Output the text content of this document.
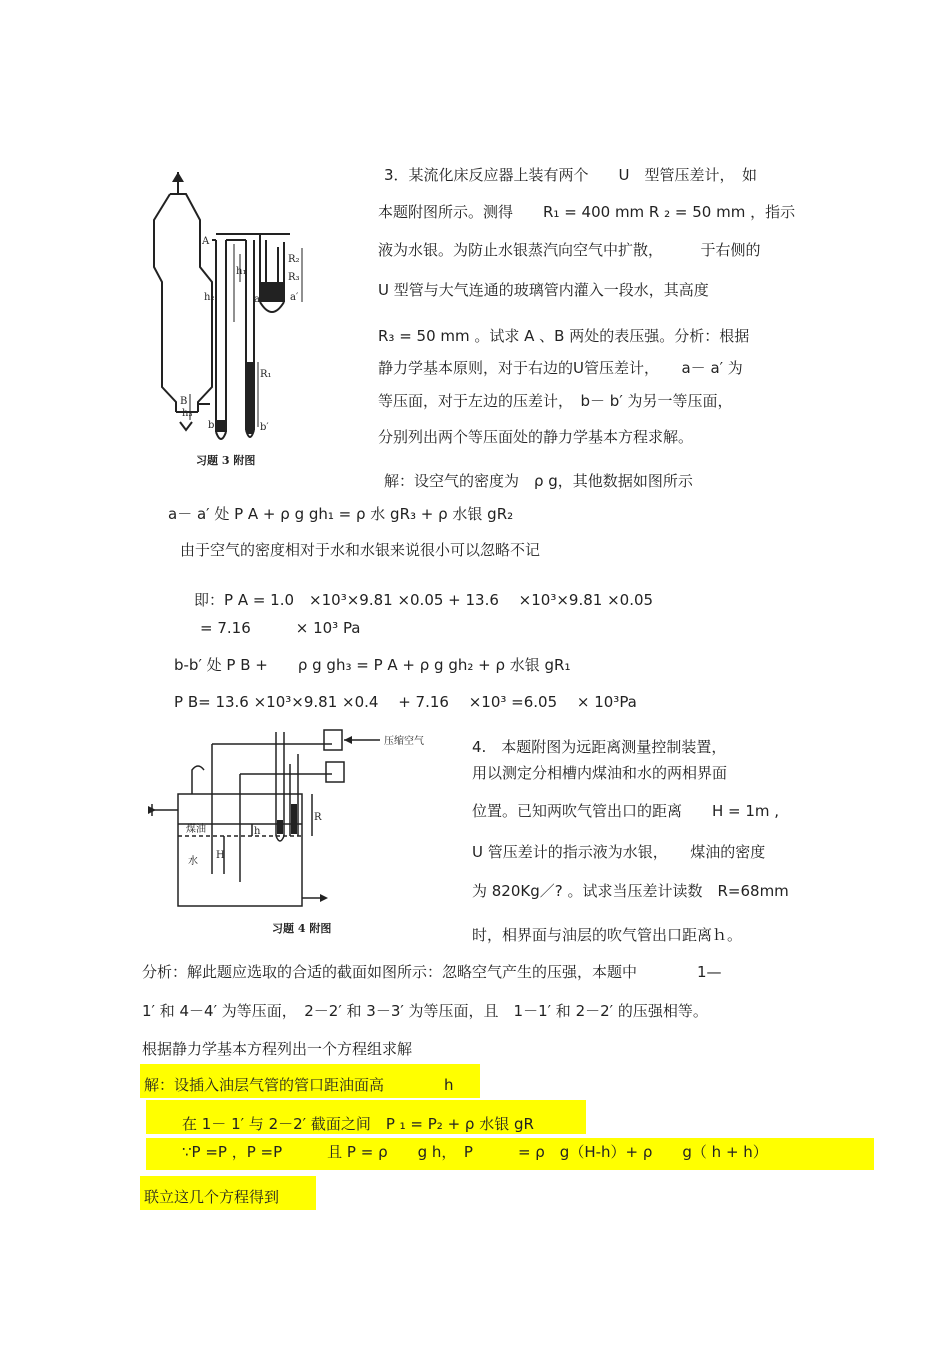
A
h₁
h₂
R₂
R₃
a	a′
R₁
B
h₃
b	b′
习题 3 附图
3．某流化床反应器上装有两个　　U　型管压差计，　如
本题附图所示。测得　　R₁ = 400 mm R ₂ = 50 mm ，指示
液为水银。为防止水银蒸汽向空气中扩散，　　　于右侧的
U 型管与大气连通的玻璃管内灌入一段水，其高度
R₃ = 50 mm 。试求 A 、B 两处的表压强。分析：根据
静力学基本原则，对于右边的U管压差计，　　a－ a′ 为
等压面，对于左边的压差计，　b－ b′ 为另一等压面，
分别列出两个等压面处的静力学基本方程求解。
解：设空气的密度为　ρ g，其他数据如图所示
a－ a′ 处 P A + ρ g gh₁ = ρ 水 gR₃ + ρ 水银 gR₂
由于空气的密度相对于水和水银来说很小可以忽略不记
即：P A = 1.0　×10³×9.81 ×0.05 + 13.6 　×10³×9.81 ×0.05
= 7.16　　　× 10³ Pa
b-b′ 处 P B +　　ρ g gh₃ = P A + ρ g gh₂ + ρ 水银 gR₁
P B= 13.6 ×10³×9.81 ×0.4 　+ 7.16 　×10³ =6.05 　× 10³Pa
压缩空气
煤油
水
H
R
h
习题 4 附图
4.　本题附图为远距离测量控制装置，
用以测定分相槽内煤油和水的两相界面
位置。已知两吹气管出口的距离　　H = 1m ,
U 管压差计的指示液为水银，　　煤油的密度
为 820Kg／? 。试求当压差计读数　R=68mm
时，相界面与油层的吹气管出口距离ｈ。
分析：解此题应选取的合适的截面如图所示：忽略空气产生的压强，本题中　　　　1—
1′ 和 4－4′ 为等压面，　2－2′ 和 3－3′ 为等压面，且　1－1′ 和 2－2′ 的压强相等。
根据静力学基本方程列出一个方程组求解
解：设插入油层气管的管口距油面高　　　　h
在 1－ 1′ 与 2－2′ 截面之间　P ₁ = P₂ + ρ 水银 gR
∵P =P ，P =P　　　且 P = ρ　　g h，　P　　　= ρ　g（H-h）+ ρ　　g（ h + h）
联立这几个方程得到
